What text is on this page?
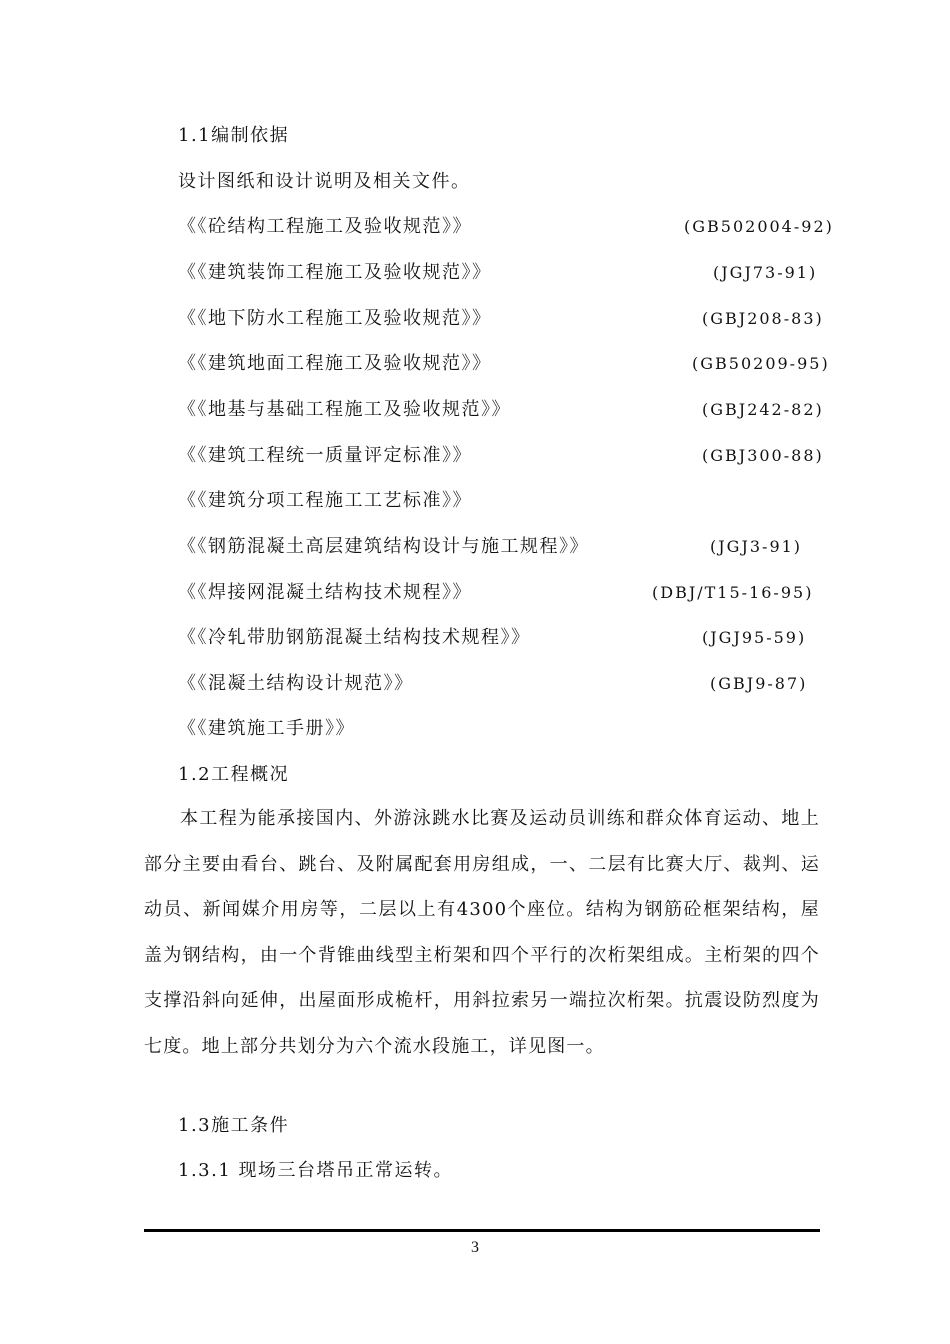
1.1编制依据
设计图纸和设计说明及相关文件。
《《砼结构工程施工及验收规范》》	(GB502004-92)
《《建筑装饰工程施工及验收规范》》	(JGJ73-91)
《《地下防水工程施工及验收规范》》	(GBJ208-83)
《《建筑地面工程施工及验收规范》》	(GB50209-95)
《《地基与基础工程施工及验收规范》》	(GBJ242-82)
《《建筑工程统一质量评定标准》》	(GBJ300-88)
《《建筑分项工程施工工艺标准》》
《《钢筋混凝土高层建筑结构设计与施工规程》》	(JGJ3-91)
《《焊接网混凝土结构技术规程》》	(DBJ/T15-16-95)
《《冷轧带肋钢筋混凝土结构技术规程》》	(JGJ95-59)
《《混凝土结构设计规范》》	(GBJ9-87)
《《建筑施工手册》》
1.2工程概况
本工程为能承接国内、外游泳跳水比赛及运动员训练和群众体育运动、地上部分主要由看台、跳台、及附属配套用房组成，一、二层有比赛大厅、裁判、运动员、新闻媒介用房等，二层以上有4300个座位。结构为钢筋砼框架结构，屋盖为钢结构，由一个背锥曲线型主桁架和四个平行的次桁架组成。主桁架的四个支撑沿斜向延伸，出屋面形成桅杆，用斜拉索另一端拉次桁架。抗震设防烈度为七度。地上部分共划分为六个流水段施工，详见图一。
1.3施工条件
1.3.1 现场三台塔吊正常运转。
3
